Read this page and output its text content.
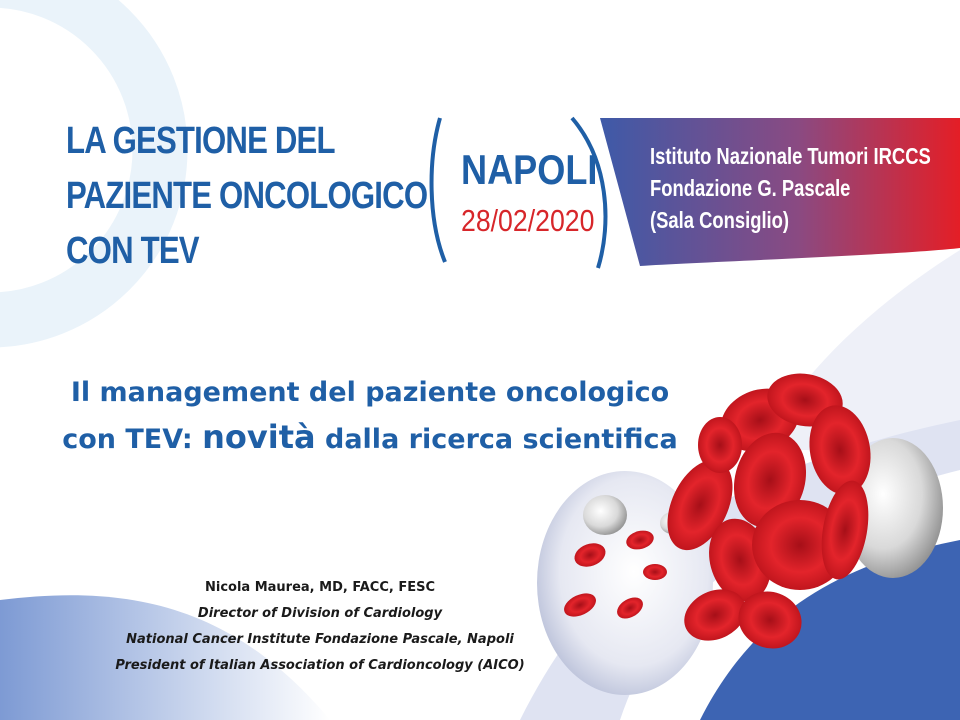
LA GESTIONE DEL
PAZIENTE ONCOLOGICO
CON TEV
NAPOLI
28/02/2020
Istituto Nazionale Tumori IRCCS
Fondazione G. Pascale
(Sala Consiglio)
Il management del paziente oncologico
con TEV: novità dalla ricerca scientifica
Nicola Maurea, MD, FACC, FESC
Director of Division of Cardiology
National Cancer Institute Fondazione Pascale, Napoli
President of Italian Association of Cardioncology (AICO)
